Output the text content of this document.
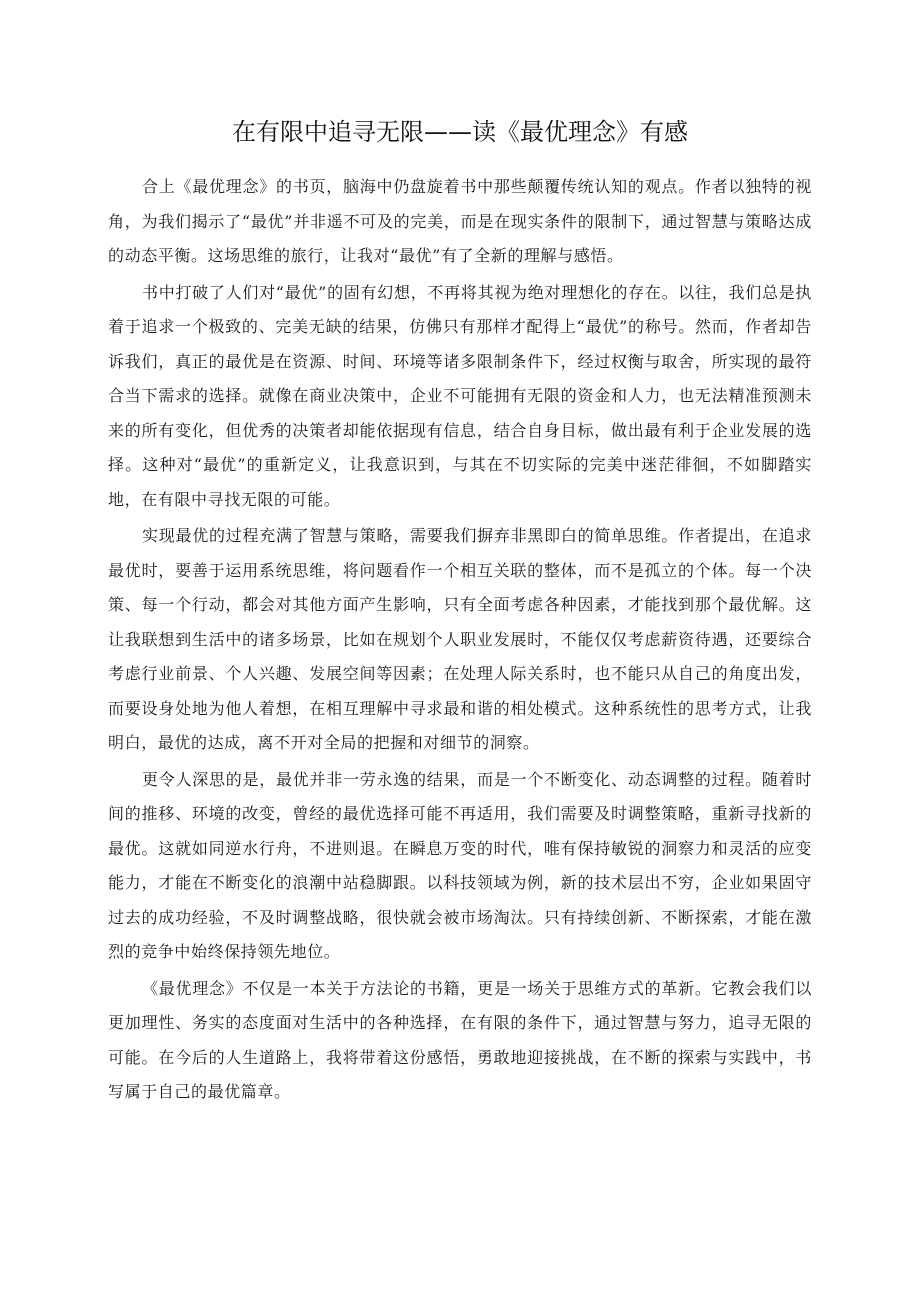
在有限中追寻无限——读《最优理念》有感

合上《最优理念》的书页，脑海中仍盘旋着书中那些颠覆传统认知的观点。作者以独特的视角，为我们揭示了“最优”并非遥不可及的完美，而是在现实条件的限制下，通过智慧与策略达成的动态平衡。这场思维的旅行，让我对“最优”有了全新的理解与感悟。

书中打破了人们对“最优”的固有幻想，不再将其视为绝对理想化的存在。以往，我们总是执着于追求一个极致的、完美无缺的结果，仿佛只有那样才配得上“最优”的称号。然而，作者却告诉我们，真正的最优是在资源、时间、环境等诸多限制条件下，经过权衡与取舍，所实现的最符合当下需求的选择。就像在商业决策中，企业不可能拥有无限的资金和人力，也无法精准预测未来的所有变化，但优秀的决策者却能依据现有信息，结合自身目标，做出最有利于企业发展的选择。这种对“最优”的重新定义，让我意识到，与其在不切实际的完美中迷茫徘徊，不如脚踏实地，在有限中寻找无限的可能。

实现最优的过程充满了智慧与策略，需要我们摒弃非黑即白的简单思维。作者提出，在追求最优时，要善于运用系统思维，将问题看作一个相互关联的整体，而不是孤立的个体。每一个决策、每一个行动，都会对其他方面产生影响，只有全面考虑各种因素，才能找到那个最优解。这让我联想到生活中的诸多场景，比如在规划个人职业发展时，不能仅仅考虑薪资待遇，还要综合考虑行业前景、个人兴趣、发展空间等因素；在处理人际关系时，也不能只从自己的角度出发，而要设身处地为他人着想，在相互理解中寻求最和谐的相处模式。这种系统性的思考方式，让我明白，最优的达成，离不开对全局的把握和对细节的洞察。

更令人深思的是，最优并非一劳永逸的结果，而是一个不断变化、动态调整的过程。随着时间的推移、环境的改变，曾经的最优选择可能不再适用，我们需要及时调整策略，重新寻找新的最优。这就如同逆水行舟，不进则退。在瞬息万变的时代，唯有保持敏锐的洞察力和灵活的应变能力，才能在不断变化的浪潮中站稳脚跟。以科技领域为例，新的技术层出不穷，企业如果固守过去的成功经验，不及时调整战略，很快就会被市场淘汰。只有持续创新、不断探索，才能在激烈的竞争中始终保持领先地位。

《最优理念》不仅是一本关于方法论的书籍，更是一场关于思维方式的革新。它教会我们以更加理性、务实的态度面对生活中的各种选择，在有限的条件下，通过智慧与努力，追寻无限的可能。在今后的人生道路上，我将带着这份感悟，勇敢地迎接挑战，在不断的探索与实践中，书写属于自己的最优篇章。
